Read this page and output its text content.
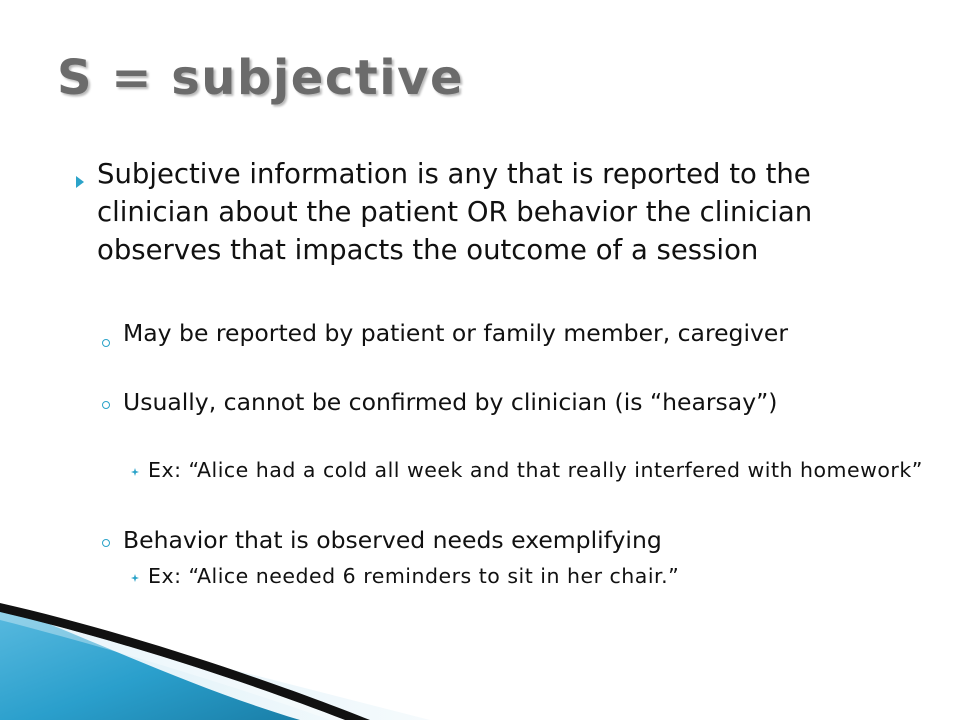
S = subjective
Subjective information is any that is reported to the clinician about the patient OR behavior the clinician observes that impacts the outcome of a session
May be reported by patient or family member, caregiver
Usually, cannot be confirmed by clinician (is “hearsay”)
Ex: “Alice had a cold all week and that really interfered with homework”
Behavior that is observed needs exemplifying
Ex: “Alice needed 6 reminders to sit in her chair.”
